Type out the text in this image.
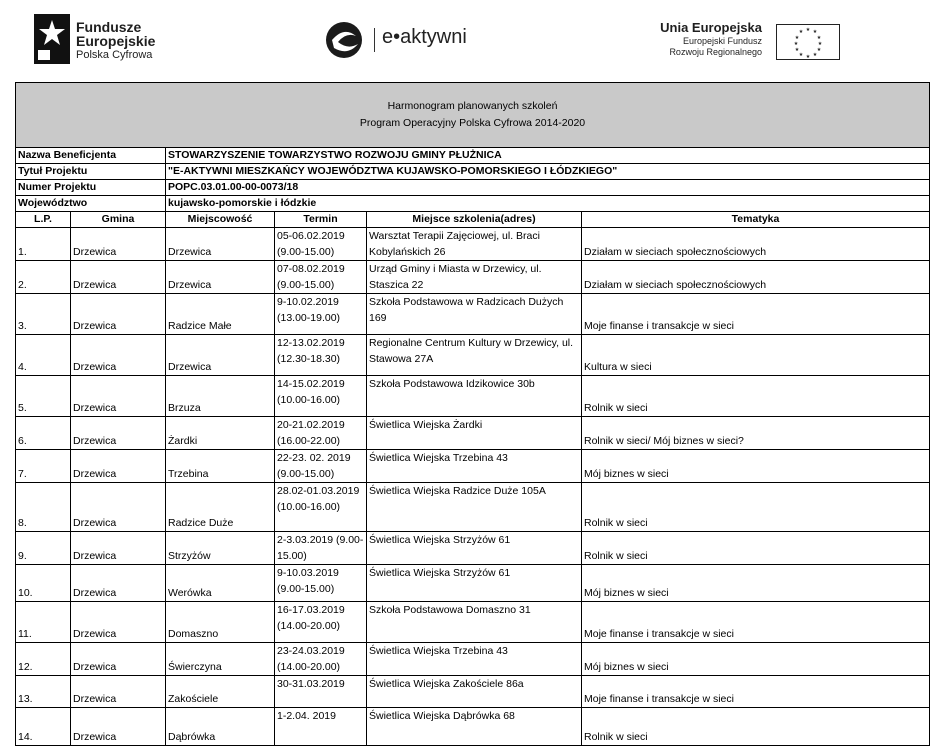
Fundusze
Europejskie
Polska Cyfrowa
e•aktywni	Unia Europejska
Europejski Fundusz
Rozwoju Regionalnego
★ ★
★
★
★
★
★
★
★
★
★
★
Harmonogram planowanych szkoleń
Program Operacyjny Polska Cyfrowa 2014-2020					

Nazwa Beneficjenta		STOWARZYSZENIE TOWARZYSTWO ROZWOJU GMINY PŁUŻNICA			
Tytuł Projektu		"E-AKTYWNI MIESZKAŃCY WOJEWÓDZTWA KUJAWSKO-POMORSKIEGO I ŁÓDZKIEGO"			
Numer Projektu		POPC.03.01.00-00-0073/18			
Województwo		kujawsko-pomorskie i łódzkie			
L.P.	Gmina	Miejscowość	Termin	Miejsce szkolenia(adres)	Tematyka
1.	Drzewica	Drzewica	05-06.02.2019 (9.00-15.00)	Warsztat Terapii Zajęciowej, ul. Braci Kobylańskich 26	Działam w sieciach społecznościowych
2.	Drzewica	Drzewica	07-08.02.2019 (9.00-15.00)	Urząd Gminy i Miasta w Drzewicy, ul. Staszica 22	Działam w sieciach społecznościowych
3.	Drzewica	Radzice Małe	9-10.02.2019 (13.00-19.00)	Szkoła Podstawowa w Radzicach Dużych 169	Moje finanse i transakcje w sieci
4.	Drzewica	Drzewica	12-13.02.2019 (12.30-18.30)	Regionalne Centrum Kultury w Drzewicy, ul. Stawowa 27A	Kultura w sieci
5.	Drzewica	Brzuza	14-15.02.2019 (10.00-16.00)	Szkoła Podstawowa Idzikowice 30b	Rolnik w sieci
6.	Drzewica	Żardki	20-21.02.2019 (16.00-22.00)	Świetlica Wiejska Żardki	Rolnik w sieci/ Mój biznes w sieci?
7.	Drzewica	Trzebina	22-23. 02. 2019 (9.00-15.00)	Świetlica Wiejska Trzebina 43	Mój biznes w sieci
8.	Drzewica	Radzice Duże	28.02-01.03.2019 (10.00-16.00)	Świetlica Wiejska Radzice Duże 105A	Rolnik w sieci
9.	Drzewica	Strzyżów	2-3.03.2019 (9.00-15.00)	Świetlica Wiejska Strzyżów 61	Rolnik w sieci
10.	Drzewica	Werówka	9-10.03.2019 (9.00-15.00)	Świetlica Wiejska Strzyżów 61	Mój biznes w sieci
11.	Drzewica	Domaszno	16-17.03.2019 (14.00-20.00)	Szkoła Podstawowa Domaszno 31	Moje finanse i transakcje w sieci
12.	Drzewica	Świerczyna	23-24.03.2019 (14.00-20.00)	Świetlica Wiejska Trzebina 43	Mój biznes w sieci
13.	Drzewica	Zakościele	30-31.03.2019	Świetlica Wiejska Zakościele 86a	Moje finanse i transakcje w sieci
14.	Drzewica	Dąbrówka	1-2.04. 2019	Świetlica Wiejska Dąbrówka 68	Rolnik w sieci
